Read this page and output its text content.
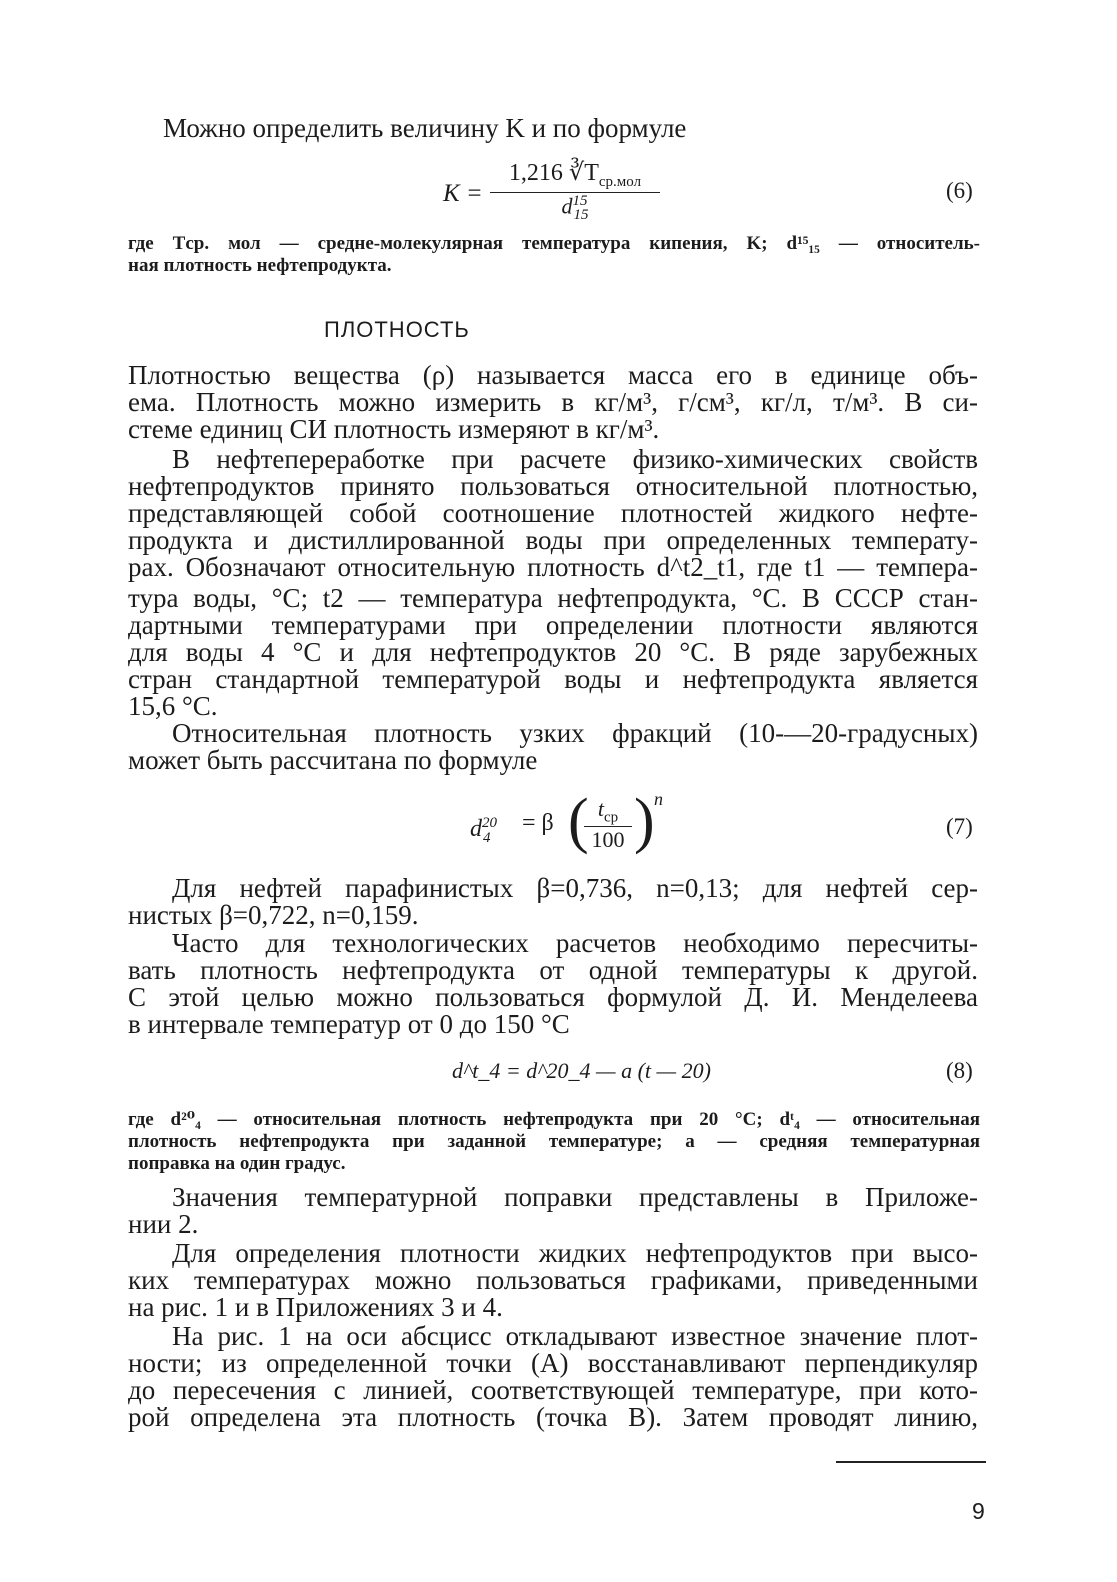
Можно определить величину K и по формуле
K =
1,216 $∛T_{ср.мол}$
$d^{15}_{15}$
(6)
где Tср. мол — средне-молекулярная температура кипения, K; d¹⁵₁₅ — относитель-
ная плотность нефтепродукта.
ПЛОТНОСТЬ
Плотностью вещества (ρ) называется масса его в единице объ-
ема. Плотность можно измерить в кг/м³, г/см³, кг/л, т/м³. В си-
стеме единиц СИ плотность измеряют в кг/м³.
В нефтепереработке при расчете физико-химических свойств
нефтепродуктов принято пользоваться относительной плотностью,
представляющей собой соотношение плотностей жидкого нефте-
продукта и дистиллированной воды при определенных температу-
рах. Обозначают относительную плотность d^t2_t1, где t1 — темпера-
тура воды, °С; t2 — температура нефтепродукта, °С. В СССР стан-
дартными температурами при определении плотности являются
для воды 4 °С и для нефтепродуктов 20 °С. В ряде зарубежных
стран стандартной температурой воды и нефтепродукта является
15,6 °С.
Относительная плотность узких фракций (10-—20-градусных)
может быть рассчитана по формуле
$d^{20}_4$
= β ( $t_{ср}$
100 ) n
(7)
Для нефтей парафинистых β=0,736, n=0,13; для нефтей сер-
нистых β=0,722, n=0,159.
Часто для технологических расчетов необходимо пересчиты-
вать плотность нефтепродукта от одной температуры к другой.
С этой целью можно пользоваться формулой Д. И. Менделеева
в интервале температур от 0 до 150 °С
d^t_4 = d^20_4 — a (t — 20)	(8)
где d²⁰₄ — относительная плотность нефтепродукта при 20 °С; dᵗ₄ — относительная
плотность нефтепродукта при заданной температуре; a — средняя температурная
поправка на один градус.
Значения температурной поправки представлены в Приложе-
нии 2.
Для определения плотности жидких нефтепродуктов при высо-
ких температурах можно пользоваться графиками, приведенными
на рис. 1 и в Приложениях 3 и 4.
На рис. 1 на оси абсцисс откладывают известное значение плот-
ности; из определенной точки (A) восстанавливают перпендикуляр
до пересечения с линией, соответствующей температуре, при кото-
рой определена эта плотность (точка B). Затем проводят линию,
9
